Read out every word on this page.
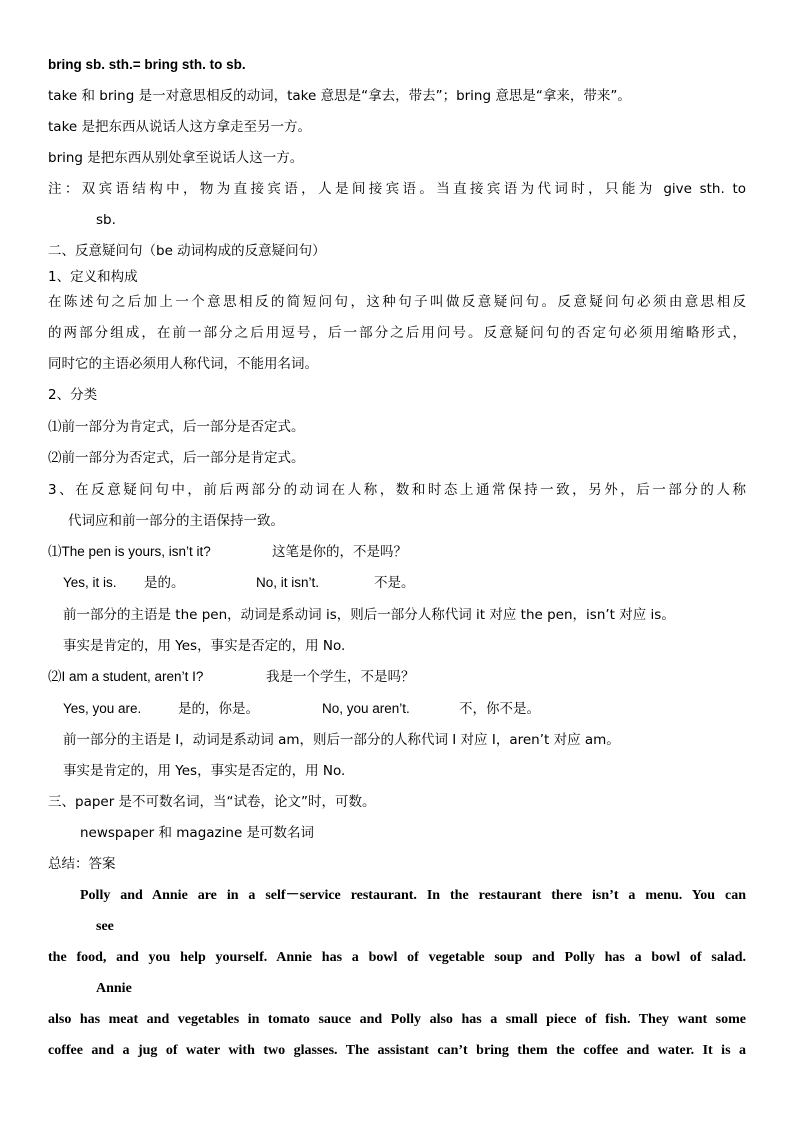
bring sb. sth.= bring sth. to sb.
take 和 bring 是一对意思相反的动词，take 意思是“拿去，带去”；bring 意思是“拿来，带来”。
take 是把东西从说话人这方拿走至另一方。
bring 是把东西从别处拿至说话人这一方。
注：双宾语结构中，物为直接宾语，人是间接宾语。当直接宾语为代词时，只能为 give sth. to
sb.
二、反意疑问句（be 动词构成的反意疑问句）
1、定义和构成
在陈述句之后加上一个意思相反的简短问句，这种句子叫做反意疑问句。反意疑问句必须由意思相反
的两部分组成，在前一部分之后用逗号，后一部分之后用问号。反意疑问句的否定句必须用缩略形式，
同时它的主语必须用人称代词，不能用名词。
2、分类
⑴前一部分为肯定式，后一部分是否定式。
⑵前一部分为否定式，后一部分是肯定式。
3、在反意疑问句中，前后两部分的动词在人称，数和时态上通常保持一致，另外，后一部分的人称
代词应和前一部分的主语保持一致。
⑴The pen is yours, isn’t it?	这笔是你的，不是吗？
Yes, it is. 是的。	No, it isn’t.	不是。
前一部分的主语是 the pen，动词是系动词 is，则后一部分人称代词 it 对应 the pen，isn’t 对应 is。
事实是肯定的，用 Yes，事实是否定的，用 No.
⑵I am a student, aren’t I?	我是一个学生，不是吗？
Yes, you are.	是的，你是。	No, you aren’t.	不，你不是。
前一部分的主语是 I，动词是系动词 am，则后一部分的人称代词 I 对应 I，aren’t 对应 am。
事实是肯定的，用 Yes，事实是否定的，用 No.
三、paper 是不可数名词，当“试卷，论文”时，可数。
newspaper 和 magazine 是可数名词
总结：答案
Polly and Annie are in a self－service restaurant. In the restaurant there isn’t a menu. You can
see
the food, and you help yourself. Annie has a bowl of vegetable soup and Polly has a bowl of salad.
Annie
also has meat and vegetables in tomato sauce and Polly also has a small piece of fish. They want some
coffee and a jug of water with two glasses. The assistant can’t bring them the coffee and water. It is a
